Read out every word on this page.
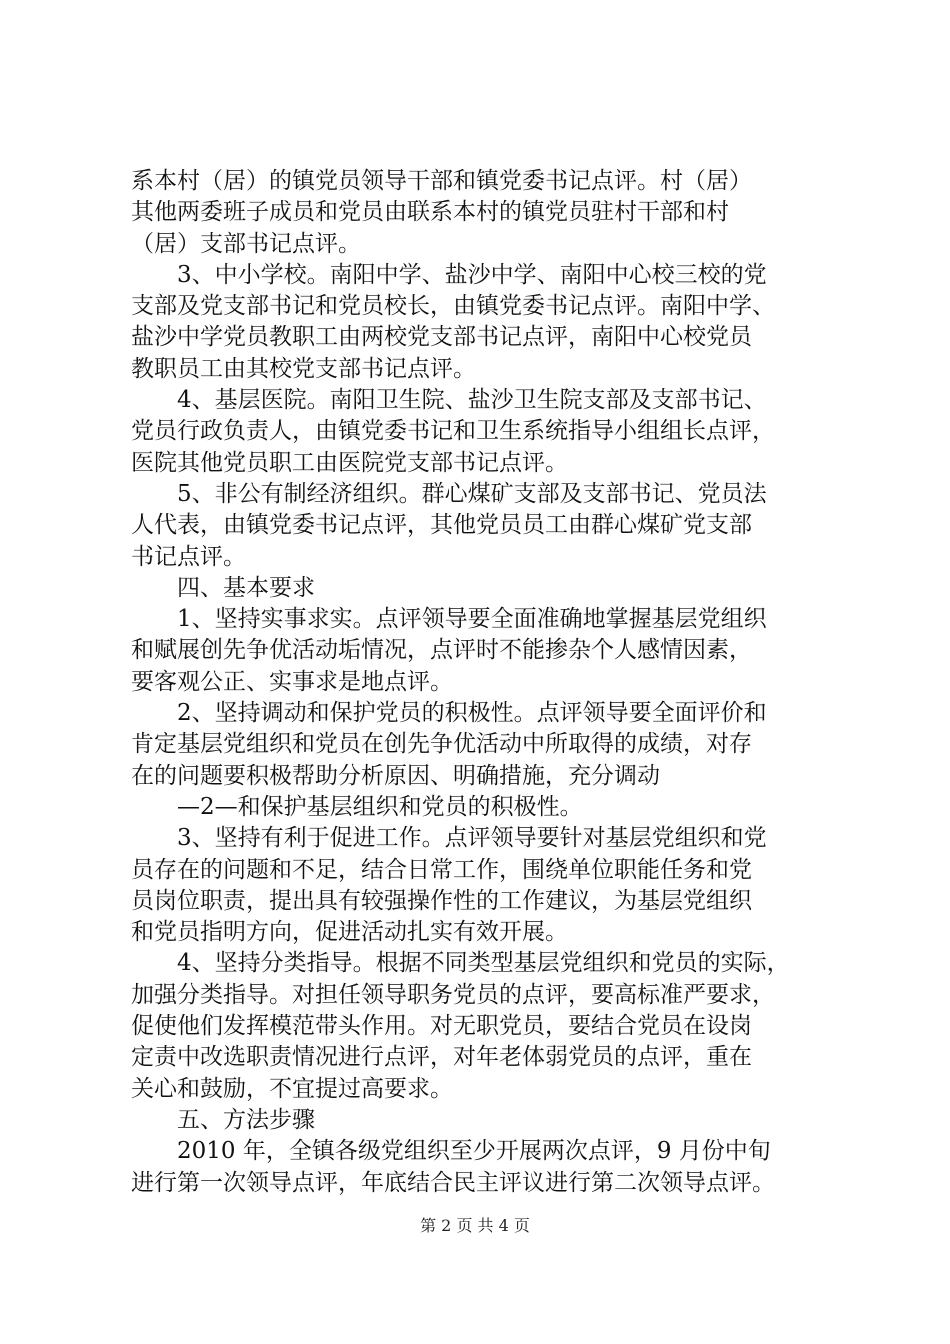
系本村（居）的镇党员领导干部和镇党委书记点评。村（居）
其他两委班子成员和党员由联系本村的镇党员驻村干部和村
（居）支部书记点评。
3、中小学校。南阳中学、盐沙中学、南阳中心校三校的党
支部及党支部书记和党员校长，由镇党委书记点评。南阳中学、
盐沙中学党员教职工由两校党支部书记点评，南阳中心校党员
教职员工由其校党支部书记点评。
4、基层医院。南阳卫生院、盐沙卫生院支部及支部书记、
党员行政负责人，由镇党委书记和卫生系统指导小组组长点评，
医院其他党员职工由医院党支部书记点评。
5、非公有制经济组织。群心煤矿支部及支部书记、党员法
人代表，由镇党委书记点评，其他党员员工由群心煤矿党支部
书记点评。
四、基本要求
1、坚持实事求实。点评领导要全面准确地掌握基层党组织
和赋展创先争优活动垢情况，点评时不能掺杂个人感情因素，
要客观公正、实事求是地点评。
2、坚持调动和保护党员的积极性。点评领导要全面评价和
肯定基层党组织和党员在创先争优活动中所取得的成绩，对存
在的问题要积极帮助分析原因、明确措施，充分调动
—2—和保护基层组织和党员的积极性。
3、坚持有利于促进工作。点评领导要针对基层党组织和党
员存在的问题和不足，结合日常工作，围绕单位职能任务和党
员岗位职责，提出具有较强操作性的工作建议，为基层党组织
和党员指明方向，促进活动扎实有效开展。
4、坚持分类指导。根据不同类型基层党组织和党员的实际，
加强分类指导。对担任领导职务党员的点评，要高标准严要求，
促使他们发挥模范带头作用。对无职党员，要结合党员在设岗
定责中改选职责情况进行点评，对年老体弱党员的点评，重在
关心和鼓励，不宜提过高要求。
五、方法步骤
2010 年，全镇各级党组织至少开展两次点评，9 月份中旬
进行第一次领导点评，年底结合民主评议进行第二次领导点评。
第 2 页 共 4 页
